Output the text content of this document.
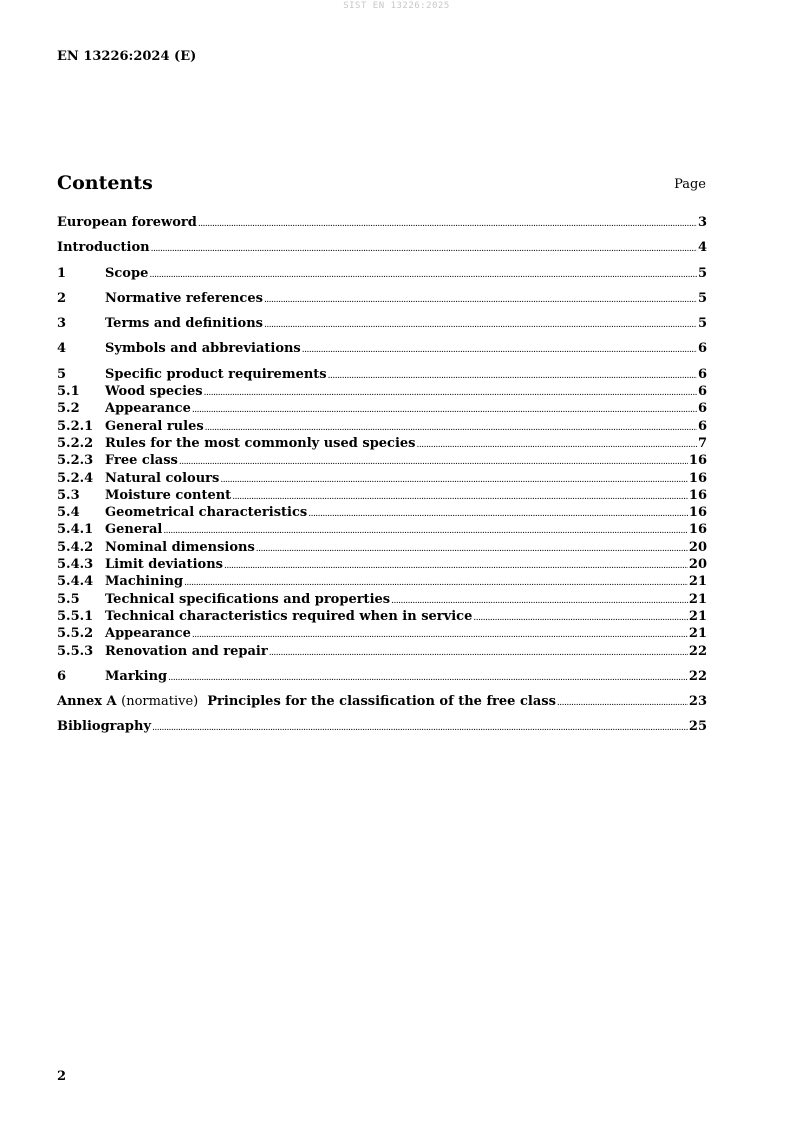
SIST EN 13226:2025
EN 13226:2024 (E)
Contents	Page
European foreword .....	3
Introduction .....	4
1	Scope .....	5
2	Normative references .....	5
3	Terms and definitions .....	5
4	Symbols and abbreviations .....	6
5	Specific product requirements .....	6
5.1	Wood species .....	6
5.2	Appearance .....	6
5.2.1 General rules .....	6
5.2.2 Rules for the most commonly used species .....	7
5.2.3 Free class .....	16
5.2.4 Natural colours .....	16
5.3	Moisture content .....	16
5.4	Geometrical characteristics .....	16
5.4.1 General .....	16
5.4.2 Nominal dimensions .....	20
5.4.3 Limit deviations .....	20
5.4.4 Machining .....	21
5.5	Technical specifications and properties .....	21
5.5.1 Technical characteristics required when in service .....	21
5.5.2 Appearance .....	21
5.5.3 Renovation and repair .....	22
6	Marking .....	22
Annex A (normative) Principles for the classification of the free class .....	23
Bibliography .....	25
2
